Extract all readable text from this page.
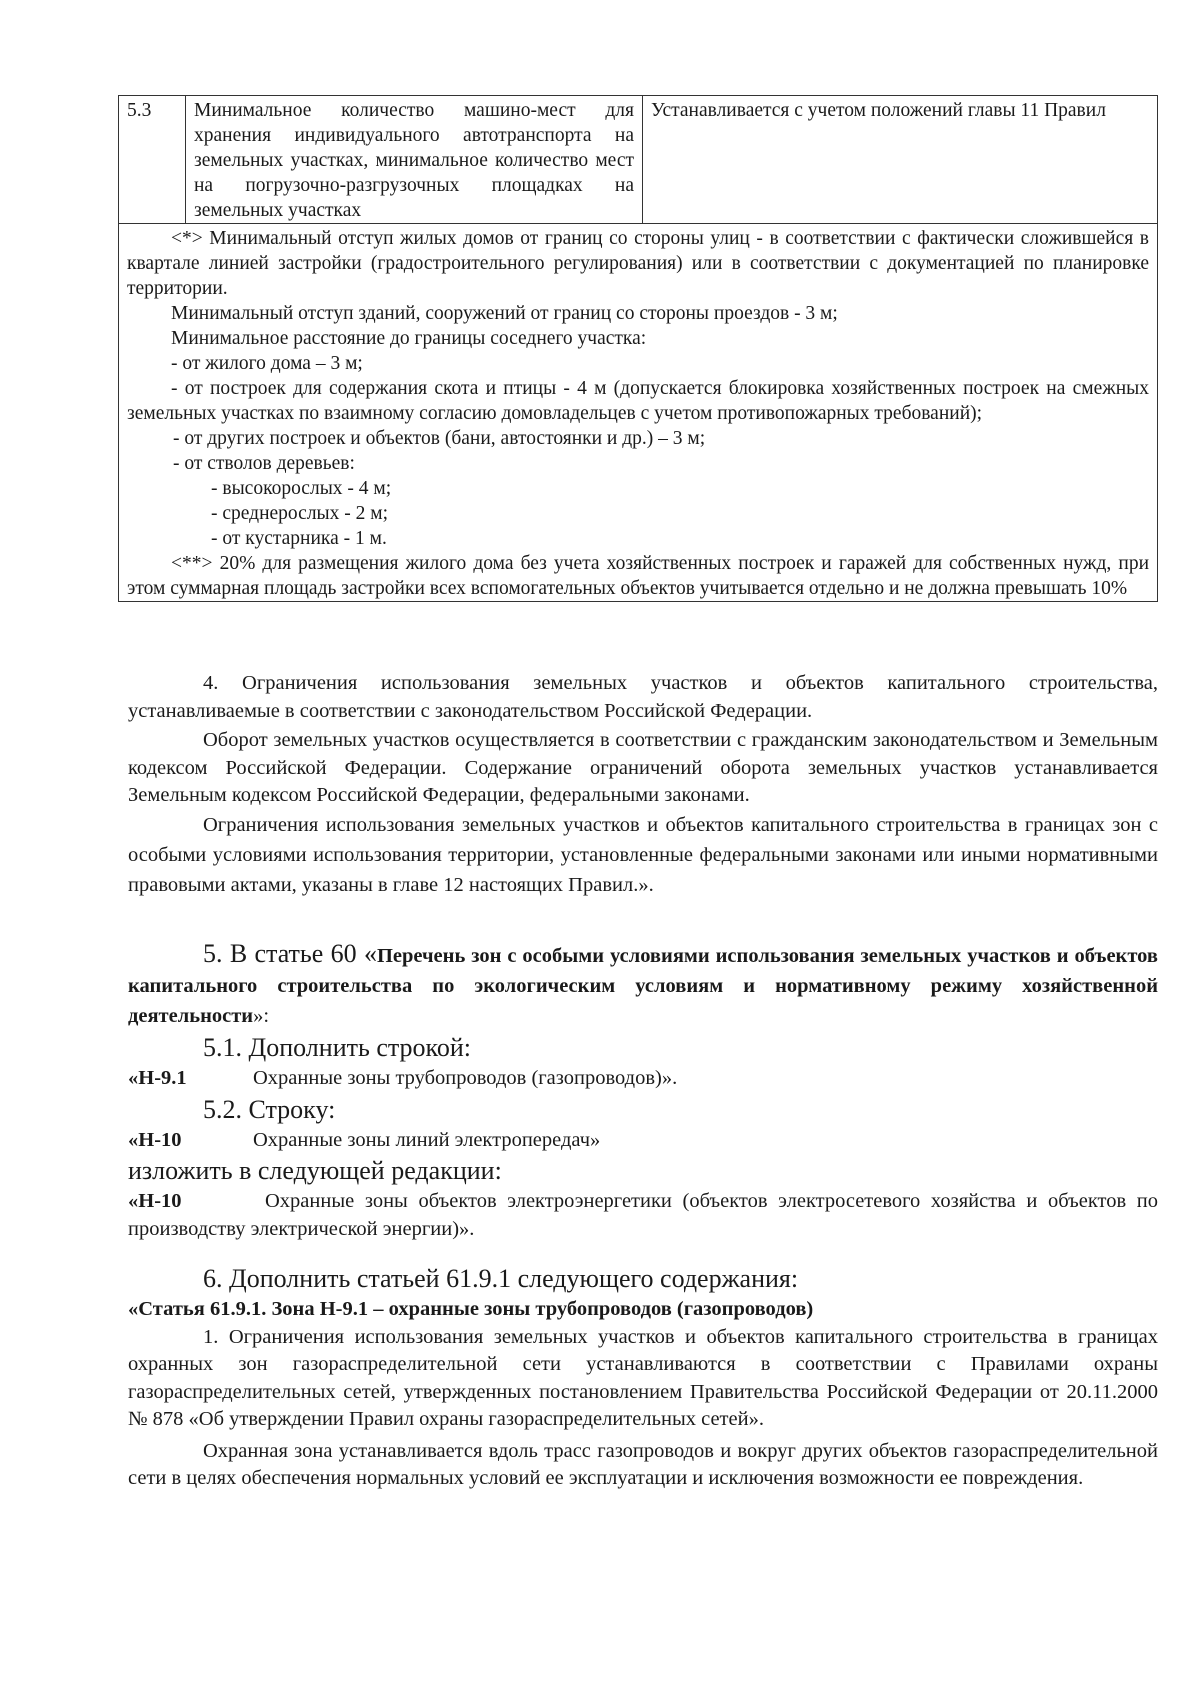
5.3	Минимальное количество машино-мест для хранения индивидуального автотранспорта на земельных участках, минимальное количество мест на погрузочно-разгрузочных площадках на земельных участках	Устанавливается с учетом положений главы 11 Правил

<*> Минимальный отступ жилых домов от границ со стороны улиц - в соответствии с фактически сложившейся в квартале линией застройки (градостроительного регулирования) или в соответствии с документацией по планировке территории.

Минимальный отступ зданий, сооружений от границ со стороны проездов - 3 м;

Минимальное расстояние до границы соседнего участка:

- от жилого дома – 3 м;

- от построек для содержания скота и птицы - 4 м (допускается блокировка хозяйственных построек на смежных земельных участках по взаимному согласию домовладельцев с учетом противопожарных требований);

- от других построек и объектов (бани, автостоянки и др.) – 3 м;

- от стволов деревьев:

- высокорослых - 4 м;

- среднерослых - 2 м;

- от кустарника - 1 м.

<**> 20% для размещения жилого дома без учета хозяйственных построек и гаражей для собственных нужд, при этом суммарная площадь застройки всех вспомогательных объектов учитывается отдельно и не должна превышать 10%

4. Ограничения использования земельных участков и объектов капитального строительства, устанавливаемые в соответствии с законодательством Российской Федерации.

Оборот земельных участков осуществляется в соответствии с гражданским законодательством и Земельным кодексом Российской Федерации. Содержание ограничений оборота земельных участков устанавливается Земельным кодексом Российской Федерации, федеральными законами.

Ограничения использования земельных участков и объектов капитального строительства в границах зон с особыми условиями использования территории, установленные федеральными законами или иными нормативными правовыми актами, указаны в главе 12 настоящих Правил.».

5. В статье 60 «Перечень зон с особыми условиями использования земельных участков и объектов капитального строительства по экологическим условиям и нормативному режиму хозяйственной деятельности»:

5.1. Дополнить строкой:

«Н-9.1	Охранные зоны трубопроводов (газопроводов)».

5.2. Строку:

«Н-10	Охранные зоны линий электропередач»

изложить в следующей редакции:

«Н-10	Охранные зоны объектов электроэнергетики (объектов электросетевого хозяйства и объектов по производству электрической энергии)».

6. Дополнить статьей 61.9.1 следующего содержания:

«Статья 61.9.1. Зона Н-9.1 – охранные зоны трубопроводов (газопроводов)

1. Ограничения использования земельных участков и объектов капитального строительства в границах охранных зон газораспределительной сети устанавливаются в соответствии с Правилами охраны газораспределительных сетей, утвержденных постановлением Правительства Российской Федерации от 20.11.2000 № 878 «Об утверждении Правил охраны газораспределительных сетей».

Охранная зона устанавливается вдоль трасс газопроводов и вокруг других объектов газораспределительной сети в целях обеспечения нормальных условий ее эксплуатации и исключения возможности ее повреждения.
